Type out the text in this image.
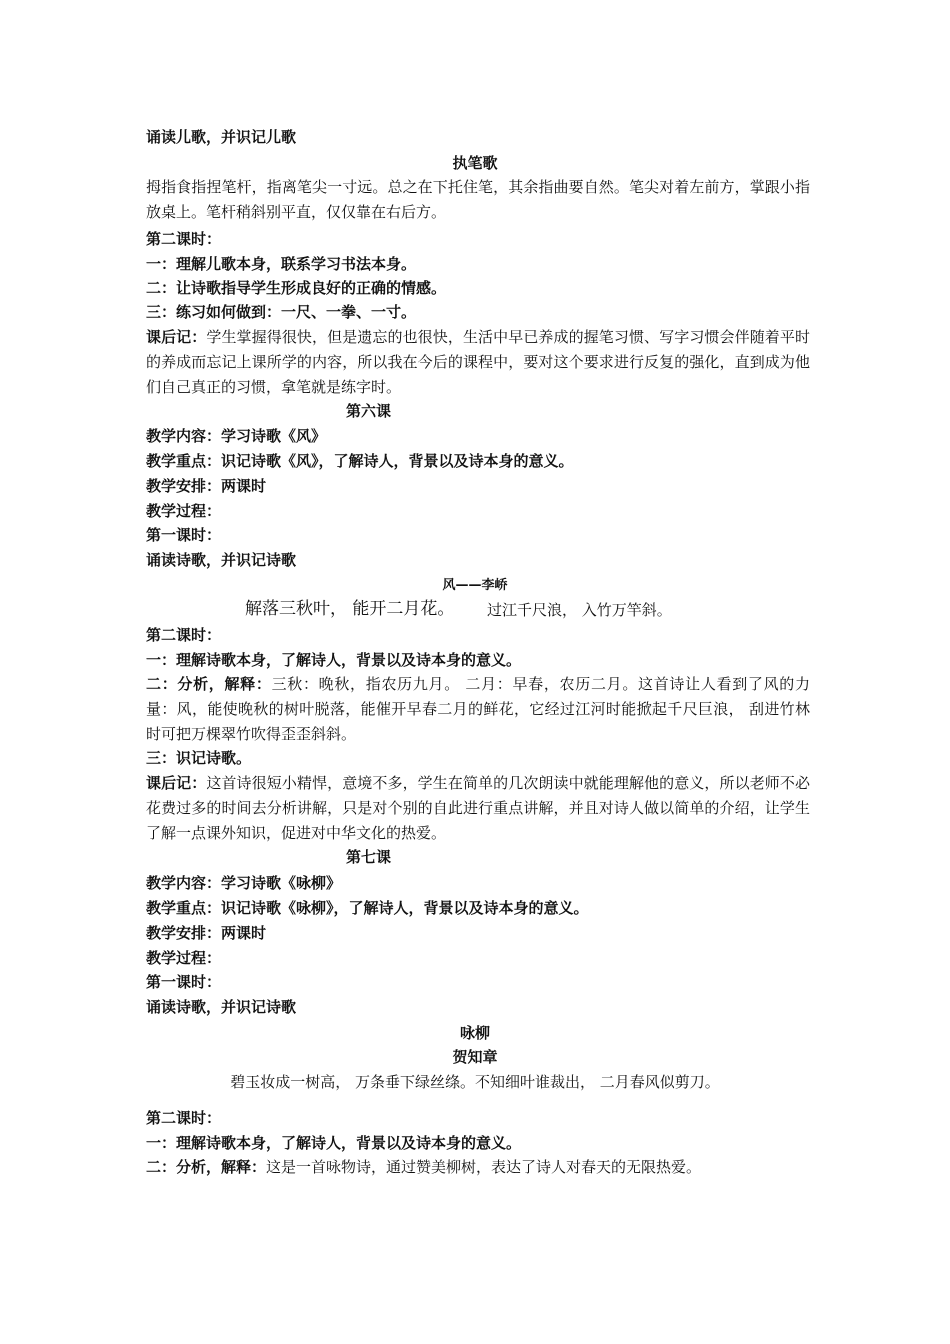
诵读儿歌，并识记儿歌
执笔歌
拇指食指捏笔杆，指离笔尖一寸远。总之在下托住笔，其余指曲要自然。笔尖对着左前方，掌跟小指放桌上。笔杆稍斜别平直，仅仅靠在右后方。
第二课时：
一：理解儿歌本身，联系学习书法本身。
二：让诗歌指导学生形成良好的正确的情感。
三：练习如何做到：一尺、一拳、一寸。
课后记：学生掌握得很快，但是遗忘的也很快，生活中早已养成的握笔习惯、写字习惯会伴随着平时的养成而忘记上课所学的内容，所以我在今后的课程中，要对这个要求进行反复的强化，直到成为他们自己真正的习惯，拿笔就是练字时。
第六课
教学内容：学习诗歌《风》
教学重点：识记诗歌《风》，了解诗人，背景以及诗本身的意义。
教学安排：两课时
教学过程：
第一课时：
诵读诗歌，并识记诗歌
风——李峤
解落三秋叶， 能开二月花。 过江千尺浪， 入竹万竿斜。
第二课时：
一：理解诗歌本身，了解诗人，背景以及诗本身的意义。
二：分析，解释：三秋：晚秋，指农历九月。 二月：早春，农历二月。这首诗让人看到了风的力量：风，能使晚秋的树叶脱落，能催开早春二月的鲜花，它经过江河时能掀起千尺巨浪， 刮进竹林时可把万棵翠竹吹得歪歪斜斜。
三：识记诗歌。
课后记：这首诗很短小精悍，意境不多，学生在简单的几次朗读中就能理解他的意义，所以老师不必花费过多的时间去分析讲解，只是对个别的自此进行重点讲解，并且对诗人做以简单的介绍，让学生了解一点课外知识，促进对中华文化的热爱。
第七课
教学内容：学习诗歌《咏柳》
教学重点：识记诗歌《咏柳》，了解诗人，背景以及诗本身的意义。
教学安排：两课时
教学过程：
第一课时：
诵读诗歌，并识记诗歌
咏柳
贺知章
碧玉妆成一树高， 万条垂下绿丝绦。不知细叶谁裁出， 二月春风似剪刀。
第二课时：
一：理解诗歌本身，了解诗人，背景以及诗本身的意义。
二：分析，解释：这是一首咏物诗，通过赞美柳树，表达了诗人对春天的无限热爱。
